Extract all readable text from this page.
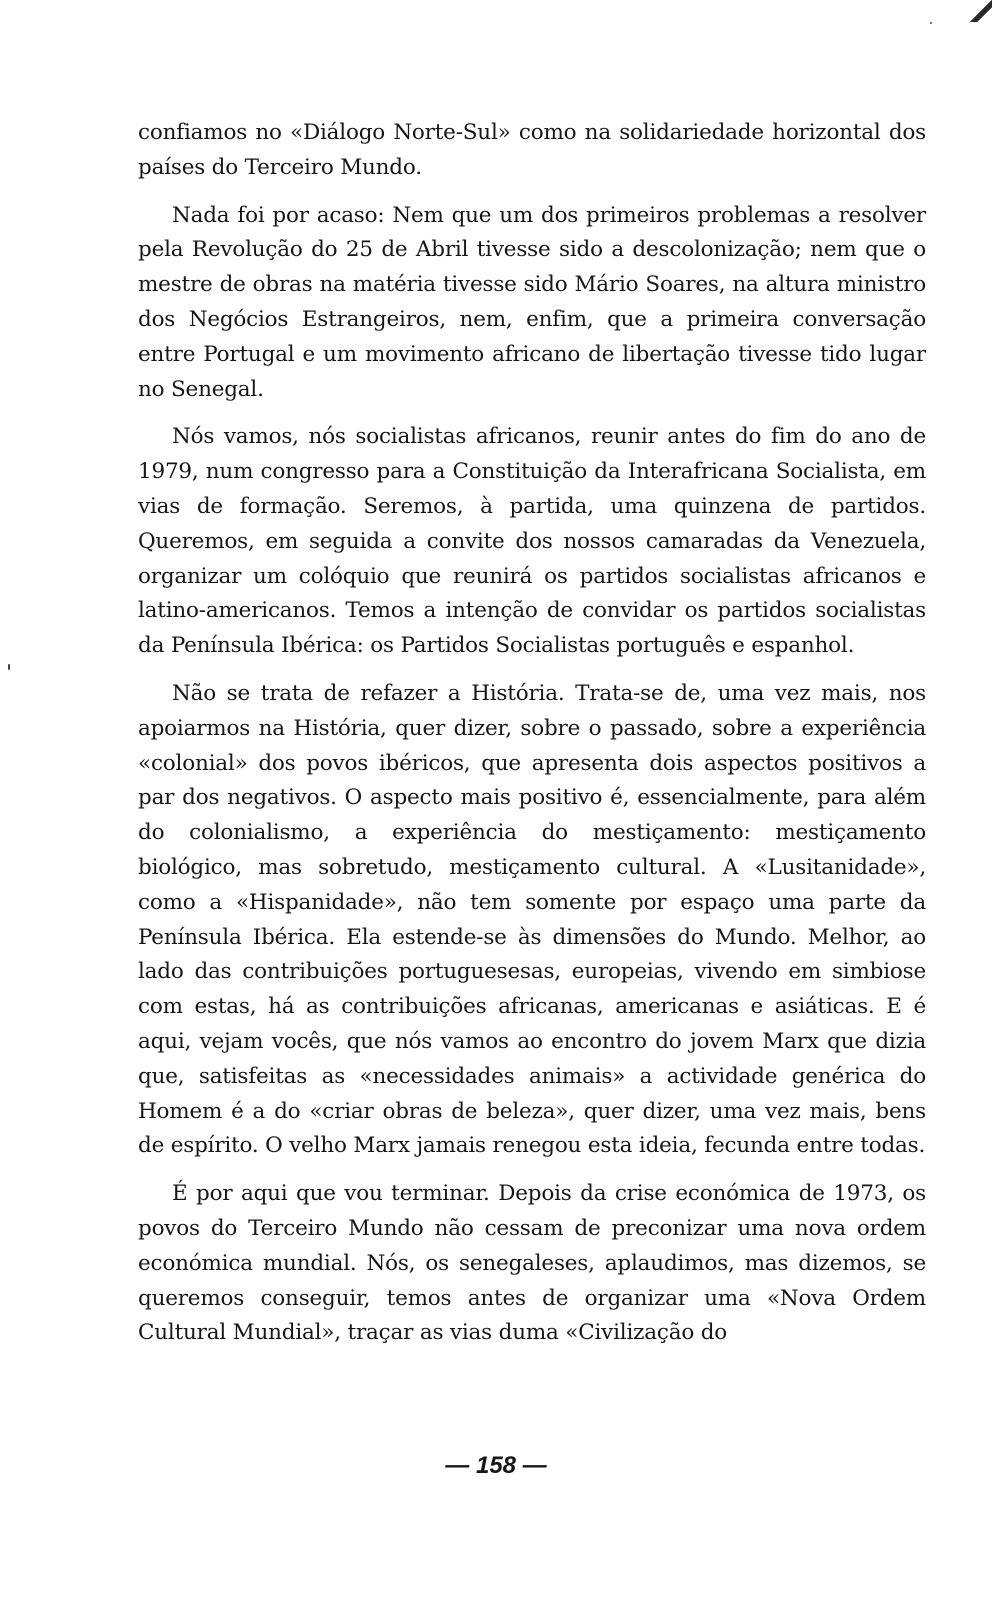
confiamos no «Diálogo Norte-Sul» como na solidariedade horizontal dos países do Terceiro Mundo.

Nada foi por acaso: Nem que um dos primeiros problemas a resolver pela Revolução do 25 de Abril tivesse sido a descolonização; nem que o mestre de obras na matéria tivesse sido Mário Soares, na altura ministro dos Negócios Estrangeiros, nem, enfim, que a primeira conversação entre Portugal e um movimento africano de libertação tivesse tido lugar no Senegal.

Nós vamos, nós socialistas africanos, reunir antes do fim do ano de 1979, num congresso para a Constituição da Interafricana Socialista, em vias de formação. Seremos, à partida, uma quinzena de partidos. Queremos, em seguida a convite dos nossos camaradas da Venezuela, organizar um colóquio que reunirá os partidos socialistas africanos e latino-americanos. Temos a intenção de convidar os partidos socialistas da Península Ibérica: os Partidos Socialistas português e espanhol.

Não se trata de refazer a História. Trata-se de, uma vez mais, nos apoiarmos na História, quer dizer, sobre o passado, sobre a experiência «colonial» dos povos ibéricos, que apresenta dois aspectos positivos a par dos negativos. O aspecto mais positivo é, essencialmente, para além do colonialismo, a experiência do mestiçamento: mestiçamento biológico, mas sobretudo, mestiçamento cultural. A «Lusitanidade», como a «Hispanidade», não tem somente por espaço uma parte da Península Ibérica. Ela estende-se às dimensões do Mundo. Melhor, ao lado das contribuições portuguesesas, europeias, vivendo em simbiose com estas, há as contribuições africanas, americanas e asiáticas. E é aqui, vejam vocês, que nós vamos ao encontro do jovem Marx que dizia que, satisfeitas as «necessidades animais» a actividade genérica do Homem é a do «criar obras de beleza», quer dizer, uma vez mais, bens de espírito. O velho Marx jamais renegou esta ideia, fecunda entre todas.

É por aqui que vou terminar. Depois da crise económica de 1973, os povos do Terceiro Mundo não cessam de preconizar uma nova ordem económica mundial. Nós, os senegaleses, aplaudimos, mas dizemos, se queremos conseguir, temos antes de organizar uma «Nova Ordem Cultural Mundial», traçar as vias duma «Civilização do

— 158 —
